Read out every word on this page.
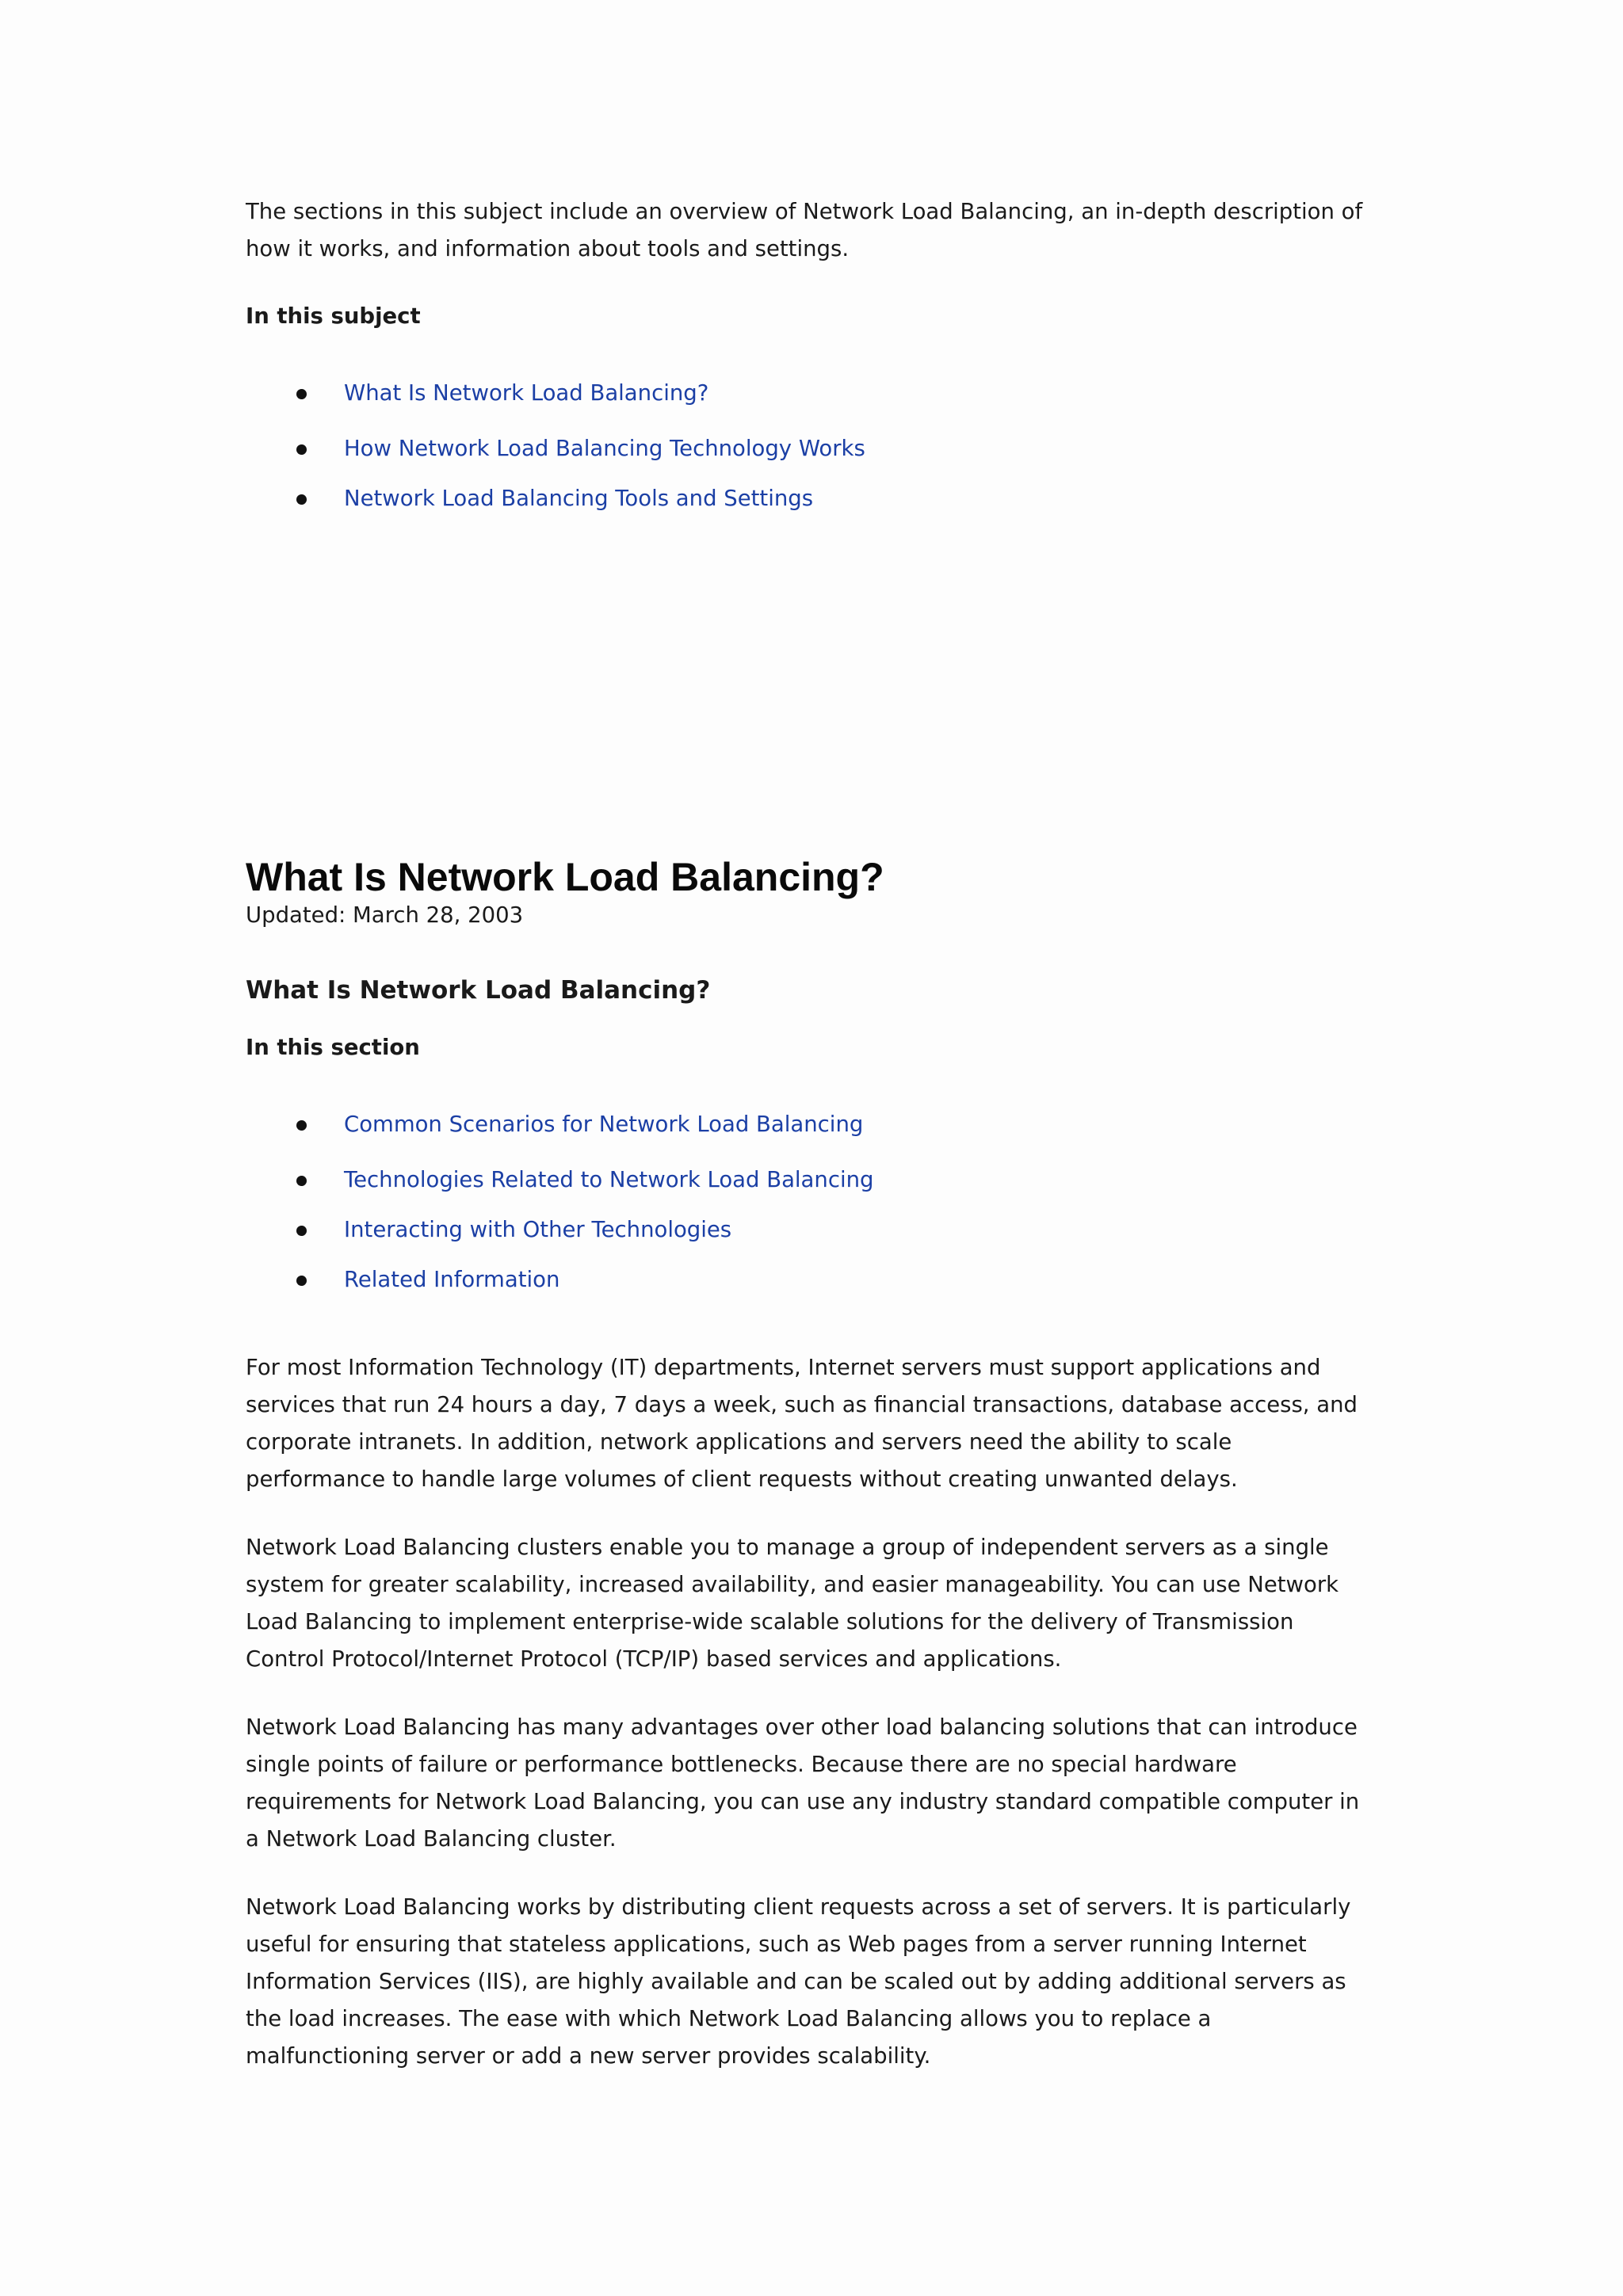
The sections in this subject include an overview of Network Load Balancing, an in-depth description of
how it works, and information about tools and settings.

In this subject

What Is Network Load Balancing?
How Network Load Balancing Technology Works
Network Load Balancing Tools and Settings
What Is Network Load Balancing?

Updated: March 28, 2003

What Is Network Load Balancing?

In this section

Common Scenarios for Network Load Balancing
Technologies Related to Network Load Balancing
Interacting with Other Technologies
Related Information

For most Information Technology (IT) departments, Internet servers must support applications and
services that run 24 hours a day, 7 days a week, such as financial transactions, database access, and
corporate intranets. In addition, network applications and servers need the ability to scale
performance to handle large volumes of client requests without creating unwanted delays.

Network Load Balancing clusters enable you to manage a group of independent servers as a single
system for greater scalability, increased availability, and easier manageability. You can use Network
Load Balancing to implement enterprise-wide scalable solutions for the delivery of Transmission
Control Protocol/Internet Protocol (TCP/IP) based services and applications.

Network Load Balancing has many advantages over other load balancing solutions that can introduce
single points of failure or performance bottlenecks. Because there are no special hardware
requirements for Network Load Balancing, you can use any industry standard compatible computer in
a Network Load Balancing cluster.

Network Load Balancing works by distributing client requests across a set of servers. It is particularly
useful for ensuring that stateless applications, such as Web pages from a server running Internet
Information Services (IIS), are highly available and can be scaled out by adding additional servers as
the load increases. The ease with which Network Load Balancing allows you to replace a
malfunctioning server or add a new server provides scalability.
